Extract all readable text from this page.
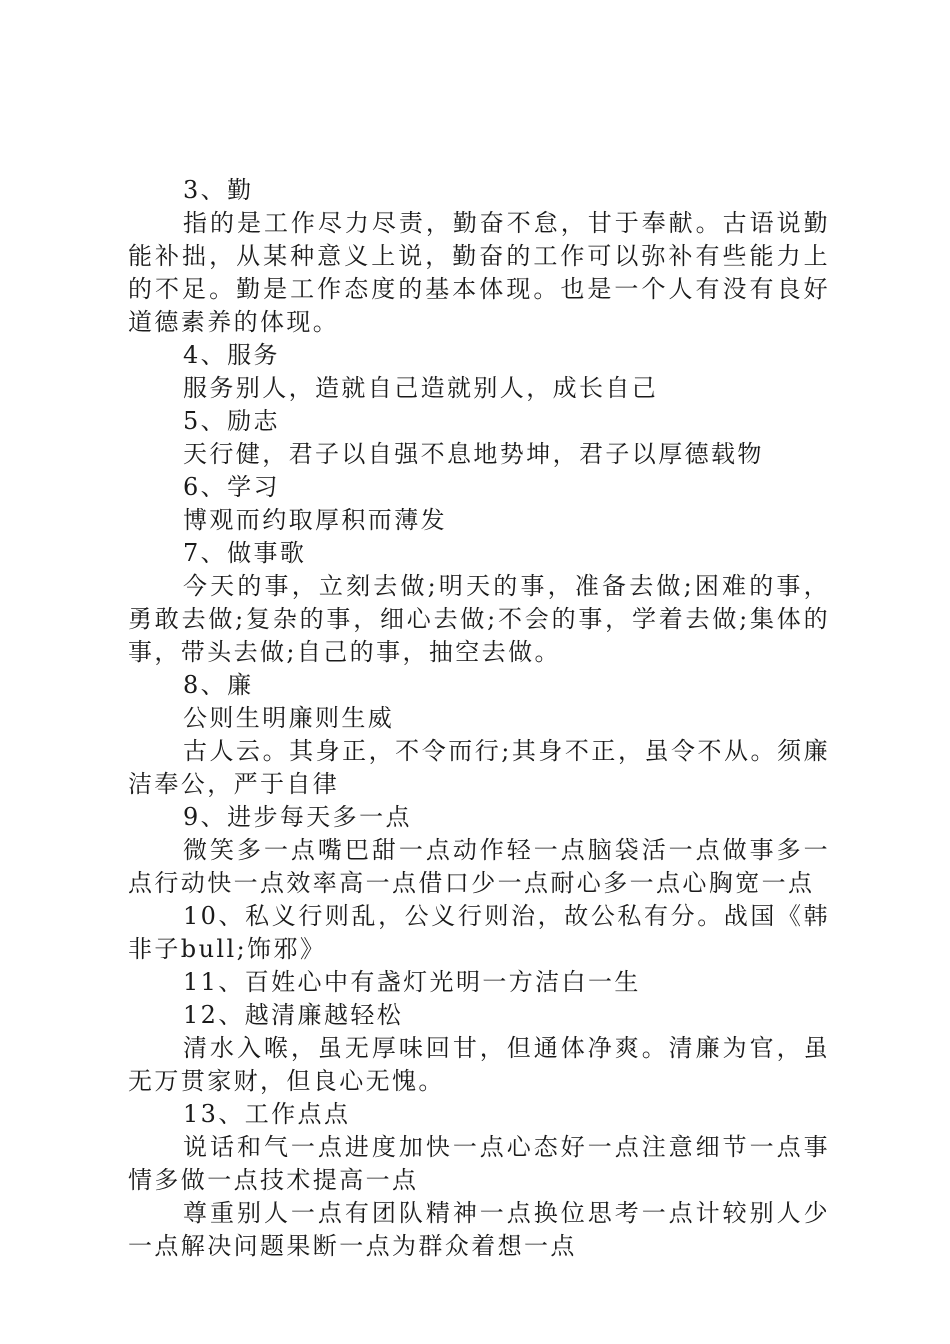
3、勤

指的是工作尽力尽责，勤奋不怠，甘于奉献。古语说勤能补拙，从某种意义上说，勤奋的工作可以弥补有些能力上的不足。勤是工作态度的基本体现。也是一个人有没有良好道德素养的体现。

4、服务

服务别人，造就自己造就别人，成长自己

5、励志

天行健，君子以自强不息地势坤，君子以厚德载物

6、学习

博观而约取厚积而薄发

7、做事歌

今天的事，立刻去做;明天的事，准备去做;困难的事，勇敢去做;复杂的事，细心去做;不会的事，学着去做;集体的事，带头去做;自己的事，抽空去做。

8、廉

公则生明廉则生威

古人云。其身正，不令而行;其身不正，虽令不从。须廉洁奉公，严于自律

9、进步每天多一点

微笑多一点嘴巴甜一点动作轻一点脑袋活一点做事多一点行动快一点效率高一点借口少一点耐心多一点心胸宽一点

10、私义行则乱，公义行则治，故公私有分。战国《韩非子bull;饰邪》

11、百姓心中有盏灯光明一方洁白一生

12、越清廉越轻松

清水入喉，虽无厚味回甘，但通体净爽。清廉为官，虽无万贯家财，但良心无愧。

13、工作点点

说话和气一点进度加快一点心态好一点注意细节一点事情多做一点技术提高一点

尊重别人一点有团队精神一点换位思考一点计较别人少一点解决问题果断一点为群众着想一点
